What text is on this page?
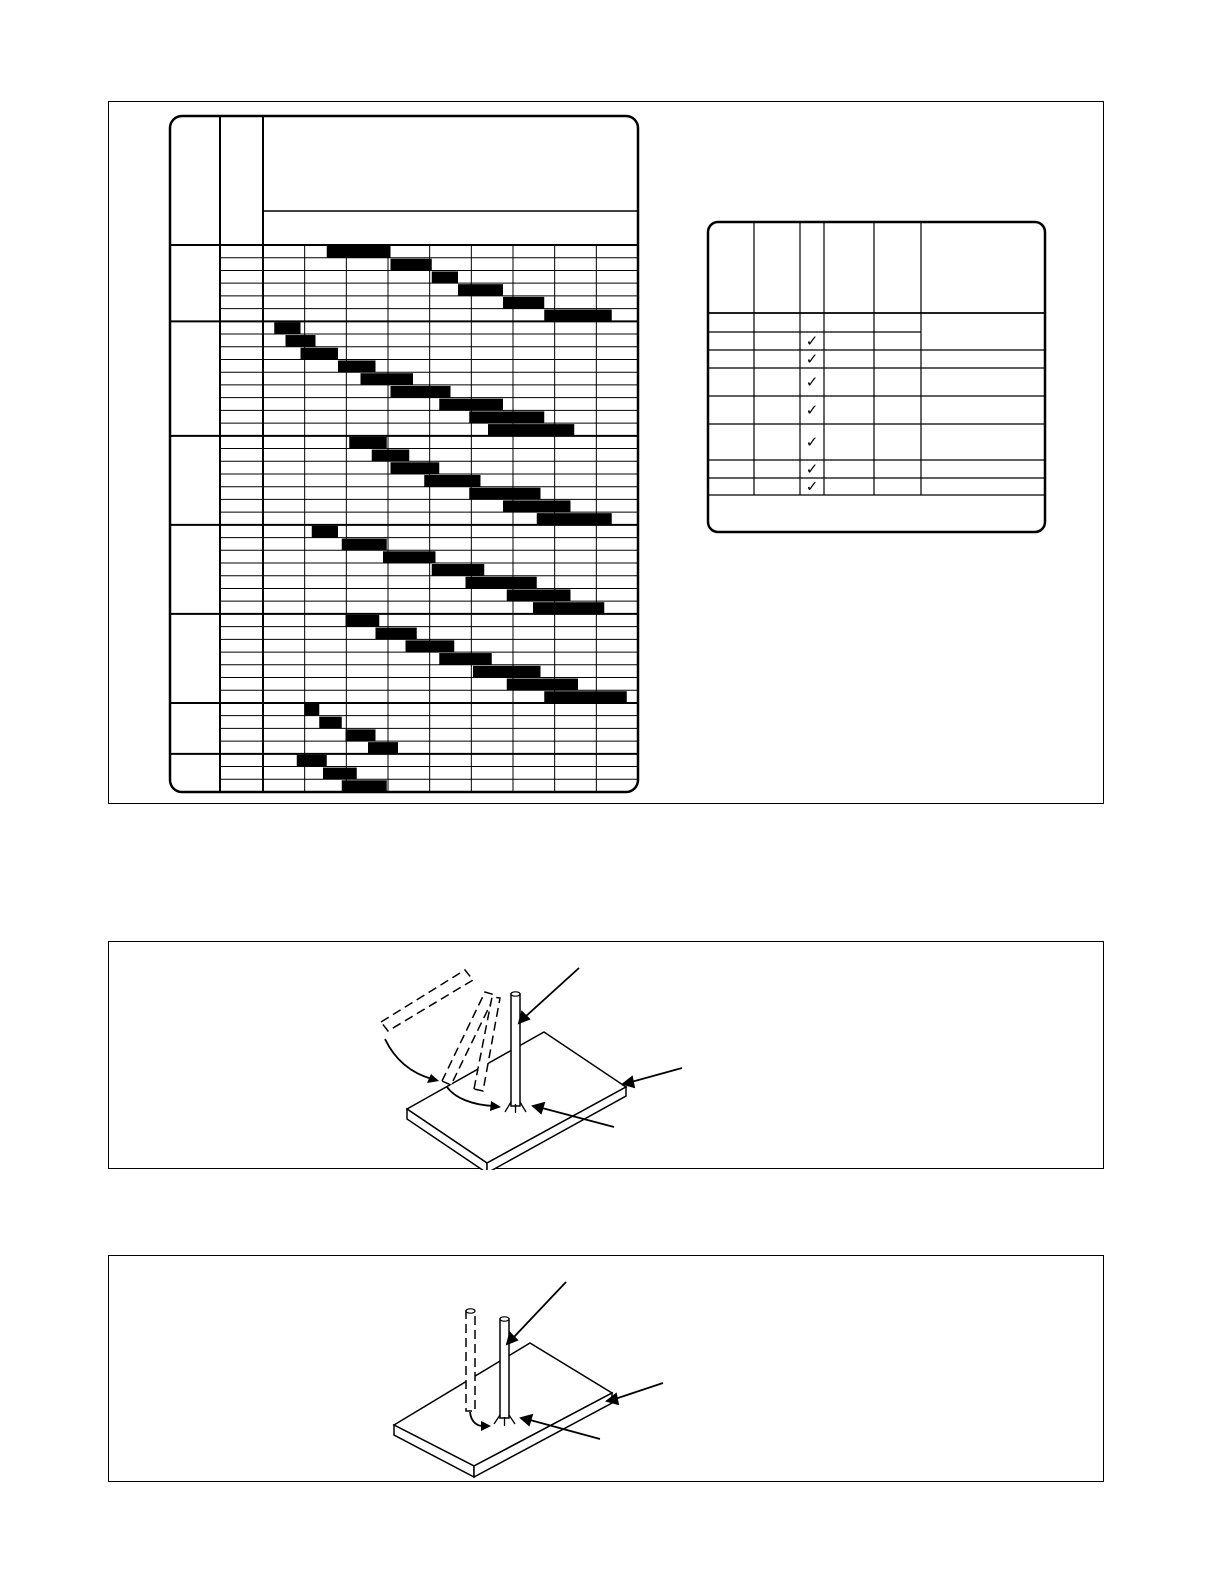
✓
✓
✓
✓
✓
✓
✓
